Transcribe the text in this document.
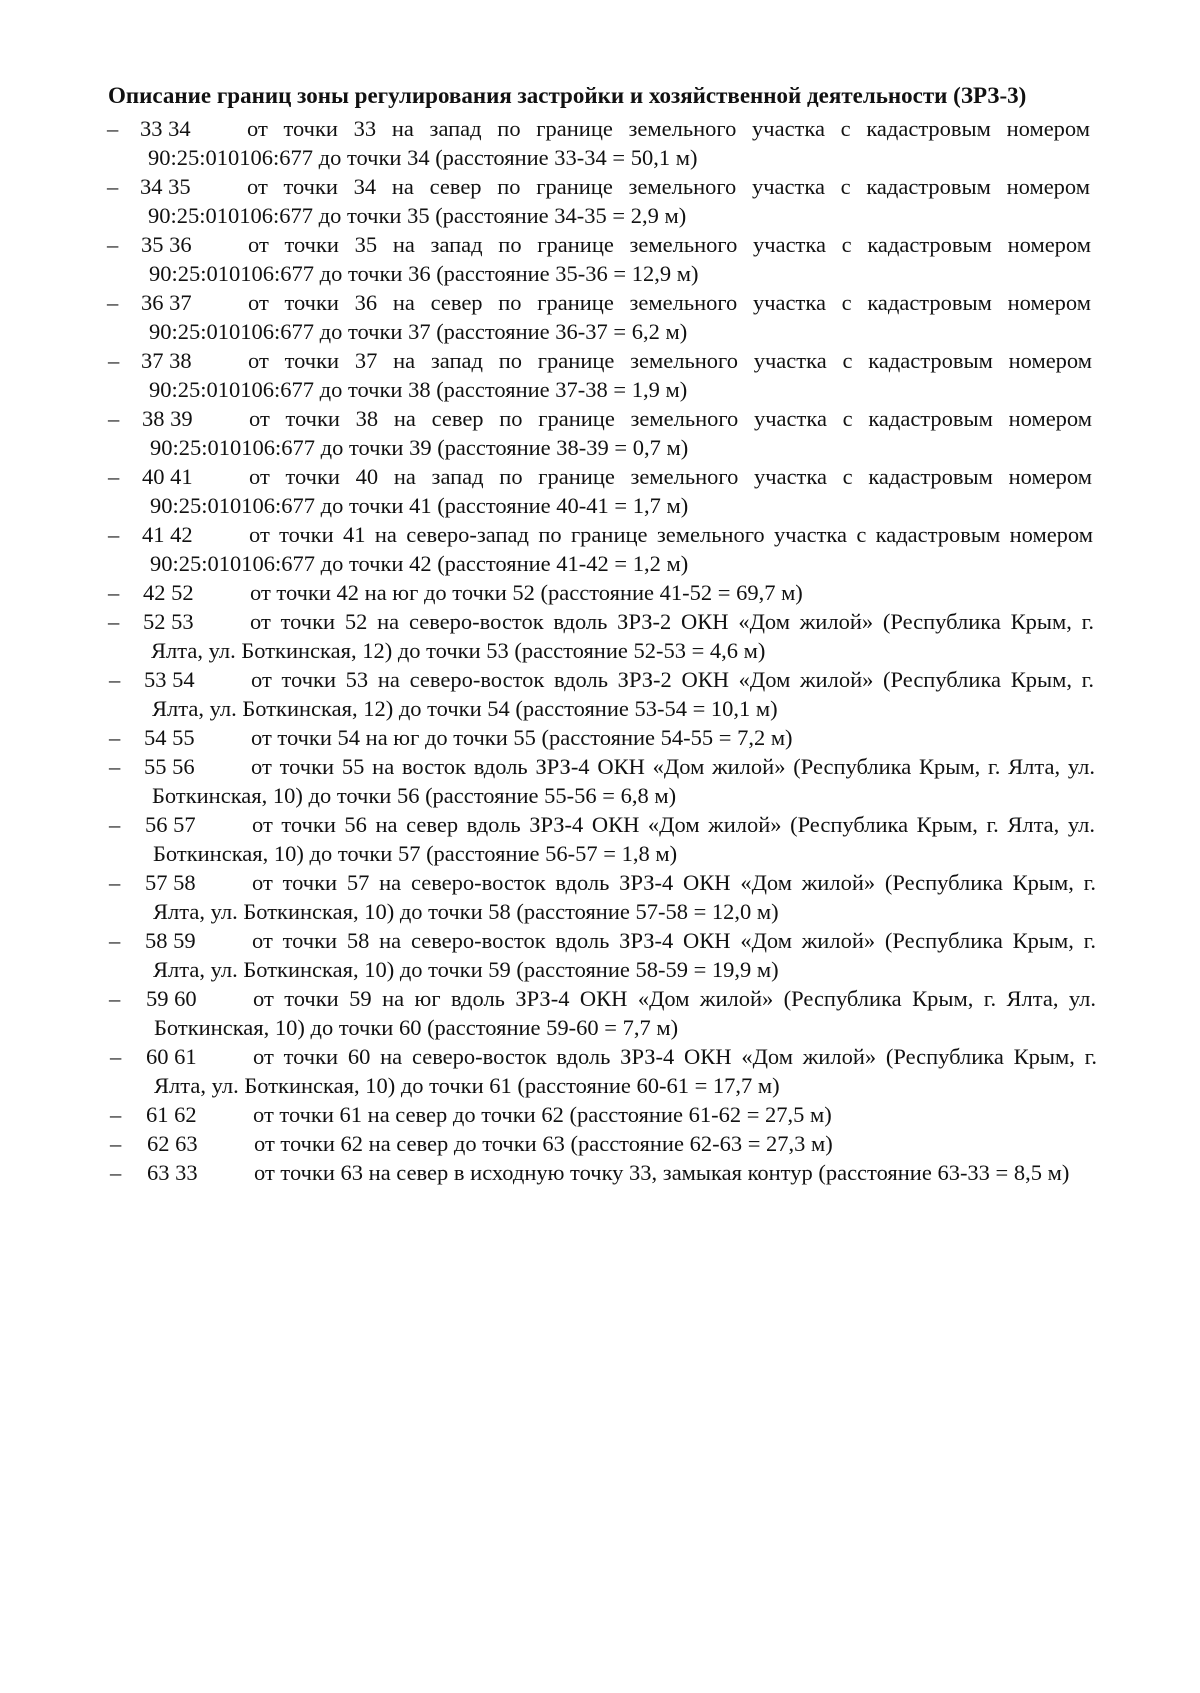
Описание границ зоны регулирования застройки и хозяйственной деятельности (ЗРЗ-3)
– 33 34	от точки 33 на запад по границе земельного участка с кадастровым номером 90:25:010106:677 до точки 34 (расстояние 33-34 = 50,1 м)
– 34 35	от точки 34 на север по границе земельного участка с кадастровым номером 90:25:010106:677 до точки 35 (расстояние 34-35 = 2,9 м)
– 35 36	от точки 35 на запад по границе земельного участка с кадастровым номером 90:25:010106:677 до точки 36 (расстояние 35-36 = 12,9 м)
– 36 37	от точки 36 на север по границе земельного участка с кадастровым номером 90:25:010106:677 до точки 37 (расстояние 36-37 = 6,2 м)
– 37 38	от точки 37 на запад по границе земельного участка с кадастровым номером 90:25:010106:677 до точки 38 (расстояние 37-38 = 1,9 м)
– 38 39	от точки 38 на север по границе земельного участка с кадастровым номером 90:25:010106:677 до точки 39 (расстояние 38-39 = 0,7 м)
– 40 41	от точки 40 на запад по границе земельного участка с кадастровым номером 90:25:010106:677 до точки 41 (расстояние 40-41 = 1,7 м)
– 41 42	от точки 41 на северо-запад по границе земельного участка с кадастровым номером 90:25:010106:677 до точки 42 (расстояние 41-42 = 1,2 м)
– 42 52	от точки 42 на юг до точки 52 (расстояние 41-52 = 69,7 м)
– 52 53	от точки 52 на северо-восток вдоль ЗРЗ-2 ОКН «Дом жилой» (Республика Крым, г. Ялта, ул. Боткинская, 12) до точки 53 (расстояние 52-53 = 4,6 м)
– 53 54	от точки 53 на северо-восток вдоль ЗРЗ-2 ОКН «Дом жилой» (Республика Крым, г. Ялта, ул. Боткинская, 12) до точки 54 (расстояние 53-54 = 10,1 м)
– 54 55	от точки 54 на юг до точки 55 (расстояние 54-55 = 7,2 м)
– 55 56	от точки 55 на восток вдоль ЗРЗ-4 ОКН «Дом жилой» (Республика Крым, г. Ялта, ул. Боткинская, 10) до точки 56 (расстояние 55-56 = 6,8 м)
– 56 57	от точки 56 на север вдоль ЗРЗ-4 ОКН «Дом жилой» (Республика Крым, г. Ялта, ул. Боткинская, 10) до точки 57 (расстояние 56-57 = 1,8 м)
– 57 58	от точки 57 на северо-восток вдоль ЗРЗ-4 ОКН «Дом жилой» (Республика Крым, г. Ялта, ул. Боткинская, 10) до точки 58 (расстояние 57-58 = 12,0 м)
– 58 59	от точки 58 на северо-восток вдоль ЗРЗ-4 ОКН «Дом жилой» (Республика Крым, г. Ялта, ул. Боткинская, 10) до точки 59 (расстояние 58-59 = 19,9 м)
– 59 60	от точки 59 на юг вдоль ЗРЗ-4 ОКН «Дом жилой» (Республика Крым, г. Ялта, ул. Боткинская, 10) до точки 60 (расстояние 59-60 = 7,7 м)
– 60 61	от точки 60 на северо-восток вдоль ЗРЗ-4 ОКН «Дом жилой» (Республика Крым, г. Ялта, ул. Боткинская, 10) до точки 61 (расстояние 60-61 = 17,7 м)
– 61 62	от точки 61 на север до точки 62 (расстояние 61-62 = 27,5 м)
– 62 63	от точки 62 на север до точки 63 (расстояние 62-63 = 27,3 м)
– 63 33	от точки 63 на север в исходную точку 33, замыкая контур (расстояние 63-33 = 8,5 м)
